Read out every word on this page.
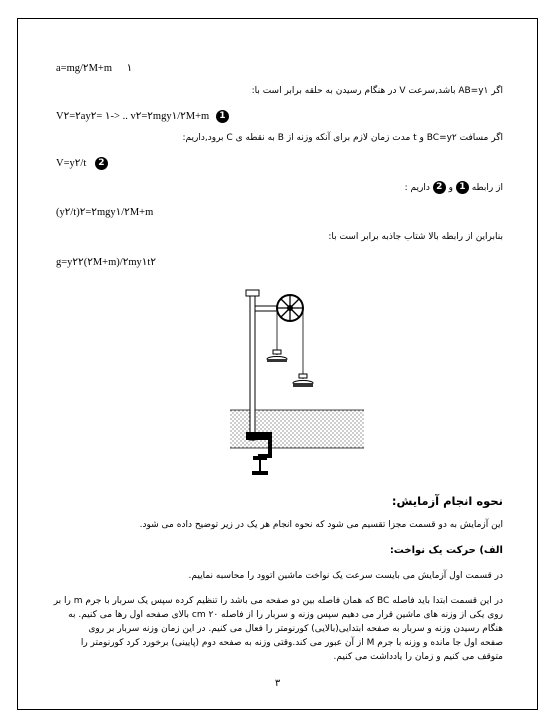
a=mg/٢M+m ١
اگر AB=y١ باشد,سرعت V در هنگام رسیدن به حلقه برابر است با:
V٢=٢ay١ =٢-> .. v٢=٢mgy١/٢M+m 1
اگر مسافت BC=y٢ و t مدت زمان لازم برای آنکه وزنه از B به نقطه ی C برود,داریم:
V=y٢/t 2
از رابطه 1 و 2 داریم :
(y٢/t)٢=٢mgy١/٢M+m
بنابراین از رابطه بالا شتاب جاذبه برابر است با:
g=y٢٢(٢M+m)/٢my١t٢
نحوه انجام آزمایش:
این آزمایش به دو قسمت مجزا تقسیم می شود که نحوه انجام هر یک در زیر توضیح داده می شود.
الف) حرکت یک نواخت:
در قسمت اول آزمایش می بایست سرعت یک نواخت ماشین اتوود را محاسبه نماییم.
در این قسمت ابتدا باید فاصله BC که همان فاصله بین دو صفحه می باشد را تنظیم کرده سپس یک سربار با جرم m را بر
روی یکی از وزنه های ماشین قرار می دهیم سپس وزنه و سربار را از فاصله ٢٠ cm بالای صفحه اول رها می کنیم. به
هنگام رسیدن وزنه و سربار به صفحه ابتدایی(بالایی) کورنومتر را فعال می کنیم. در این زمان وزنه سربار بر روی
صفحه اول جا مانده و وزنه با جرم M از آن عبور می کند.وقتی وزنه به صفحه دوم (پایینی) برخورد کرد کورنومتر را
متوقف می کنیم و زمان را یادداشت می کنیم.
٣
